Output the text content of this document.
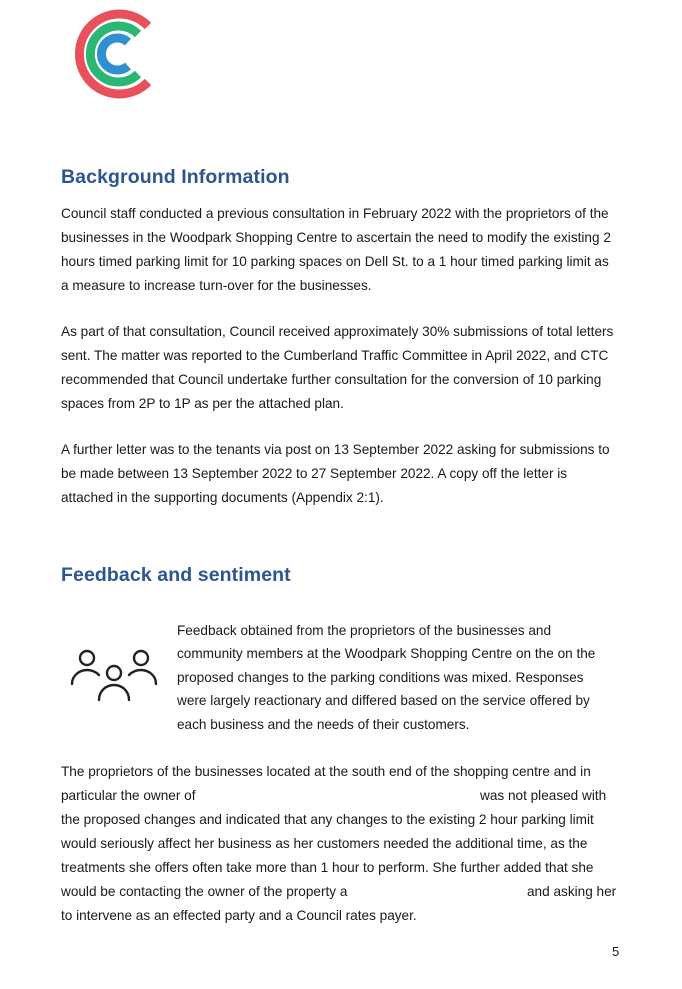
Background Information
Council staff conducted a previous consultation in February 2022 with the proprietors of the
businesses in the Woodpark Shopping Centre to ascertain the need to modify the existing 2
hours timed parking limit for 10 parking spaces on Dell St. to a 1 hour timed parking limit as
a measure to increase turn-over for the businesses.
As part of that consultation, Council received approximately 30% submissions of total letters
sent. The matter was reported to the Cumberland Traffic Committee in April 2022, and CTC
recommended that Council undertake further consultation for the conversion of 10 parking
spaces from 2P to 1P as per the attached plan.
A further letter was to the tenants via post on 13 September 2022 asking for submissions to
be made between 13 September 2022 to 27 September 2022. A copy off the letter is
attached in the supporting documents (Appendix 2:1).
Feedback and sentiment
Feedback obtained from the proprietors of the businesses and
community members at the Woodpark Shopping Centre on the on the
proposed changes to the parking conditions was mixed. Responses
were largely reactionary and differed based on the service offered by
each business and the needs of their customers.
The proprietors of the businesses located at the south end of the shopping centre and in
particular the owner of	was not pleased with
the proposed changes and indicated that any changes to the existing 2 hour parking limit
would seriously affect her business as her customers needed the additional time, as the
treatments she offers often take more than 1 hour to perform. She further added that she
would be contacting the owner of the property a	and asking her
to intervene as an effected party and a Council rates payer.
5
